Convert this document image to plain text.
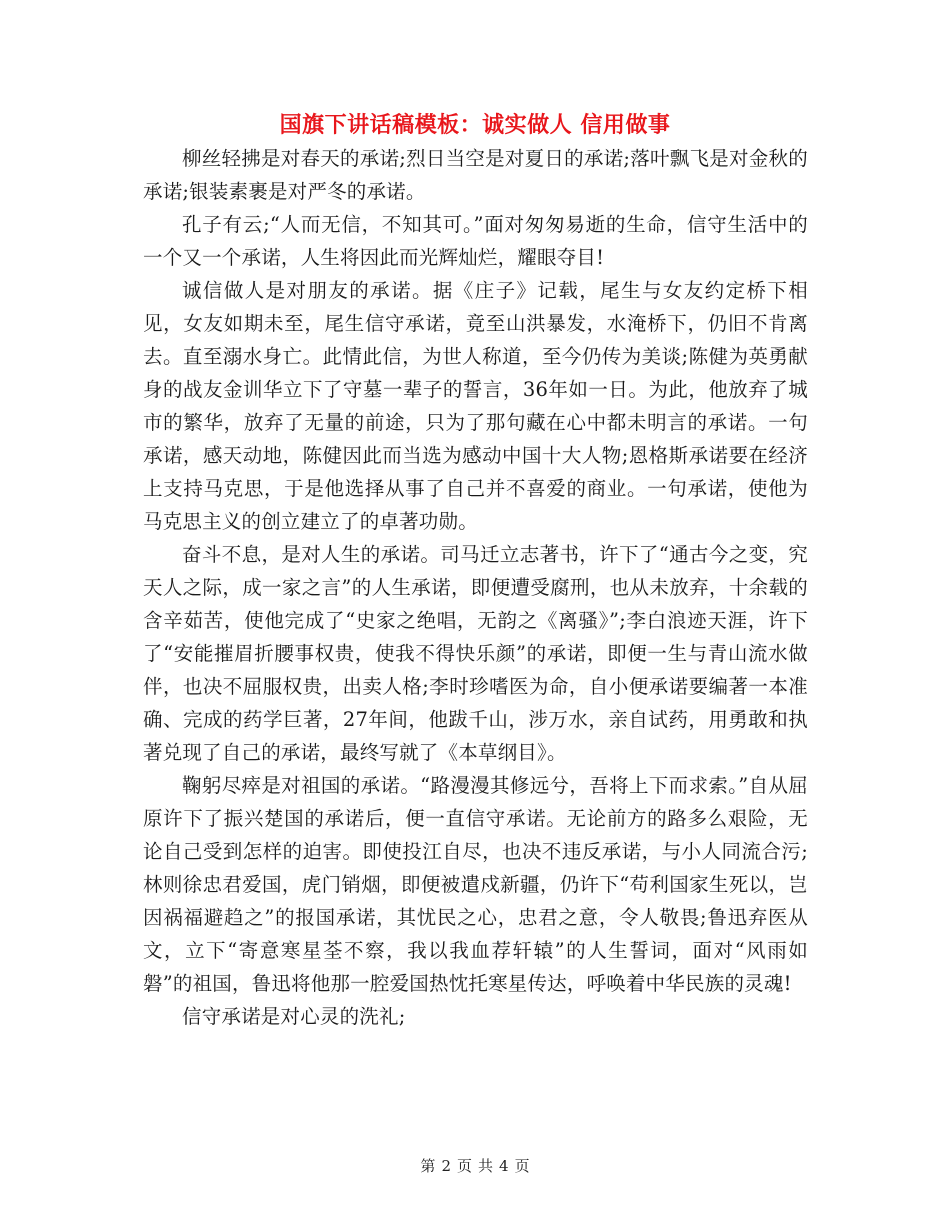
国旗下讲话稿模板：诚实做人 信用做事

柳丝轻拂是对春天的承诺;烈日当空是对夏日的承诺;落叶飘飞是对金秋的承诺;银装素裹是对严冬的承诺。

孔子有云;“人而无信，不知其可。”面对匆匆易逝的生命，信守生活中的一个又一个承诺，人生将因此而光辉灿烂，耀眼夺目!

诚信做人是对朋友的承诺。据《庄子》记载，尾生与女友约定桥下相见，女友如期未至，尾生信守承诺，竟至山洪暴发，水淹桥下，仍旧不肯离去。直至溺水身亡。此情此信，为世人称道，至今仍传为美谈;陈健为英勇献身的战友金训华立下了守墓一辈子的誓言，36年如一日。为此，他放弃了城市的繁华，放弃了无量的前途，只为了那句藏在心中都未明言的承诺。一句承诺，感天动地，陈健因此而当选为感动中国十大人物;恩格斯承诺要在经济上支持马克思，于是他选择从事了自己并不喜爱的商业。一句承诺，使他为马克思主义的创立建立了的卓著功勋。

奋斗不息，是对人生的承诺。司马迁立志著书，许下了“通古今之变，究天人之际，成一家之言”的人生承诺，即便遭受腐刑，也从未放弃，十余载的含辛茹苦，使他完成了“史家之绝唱，无韵之《离骚》”;李白浪迹天涯，许下了“安能摧眉折腰事权贵，使我不得快乐颜”的承诺，即便一生与青山流水做伴，也决不屈服权贵，出卖人格;李时珍嗜医为命，自小便承诺要编著一本准确、完成的药学巨著，27年间，他跋千山，涉万水，亲自试药，用勇敢和执著兑现了自己的承诺，最终写就了《本草纲目》。

鞠躬尽瘁是对祖国的承诺。“路漫漫其修远兮，吾将上下而求索。”自从屈原许下了振兴楚国的承诺后，便一直信守承诺。无论前方的路多么艰险，无论自己受到怎样的迫害。即使投江自尽，也决不违反承诺，与小人同流合污;林则徐忠君爱国，虎门销烟，即便被遣戍新疆，仍许下“苟利国家生死以，岂因祸福避趋之”的报国承诺，其忧民之心，忠君之意，令人敬畏;鲁迅弃医从文，立下“寄意寒星荃不察，我以我血荐轩辕”的人生誓词，面对“风雨如磐”的祖国，鲁迅将他那一腔爱国热忱托寒星传达，呼唤着中华民族的灵魂!

信守承诺是对心灵的洗礼;

第 2 页 共 4 页
